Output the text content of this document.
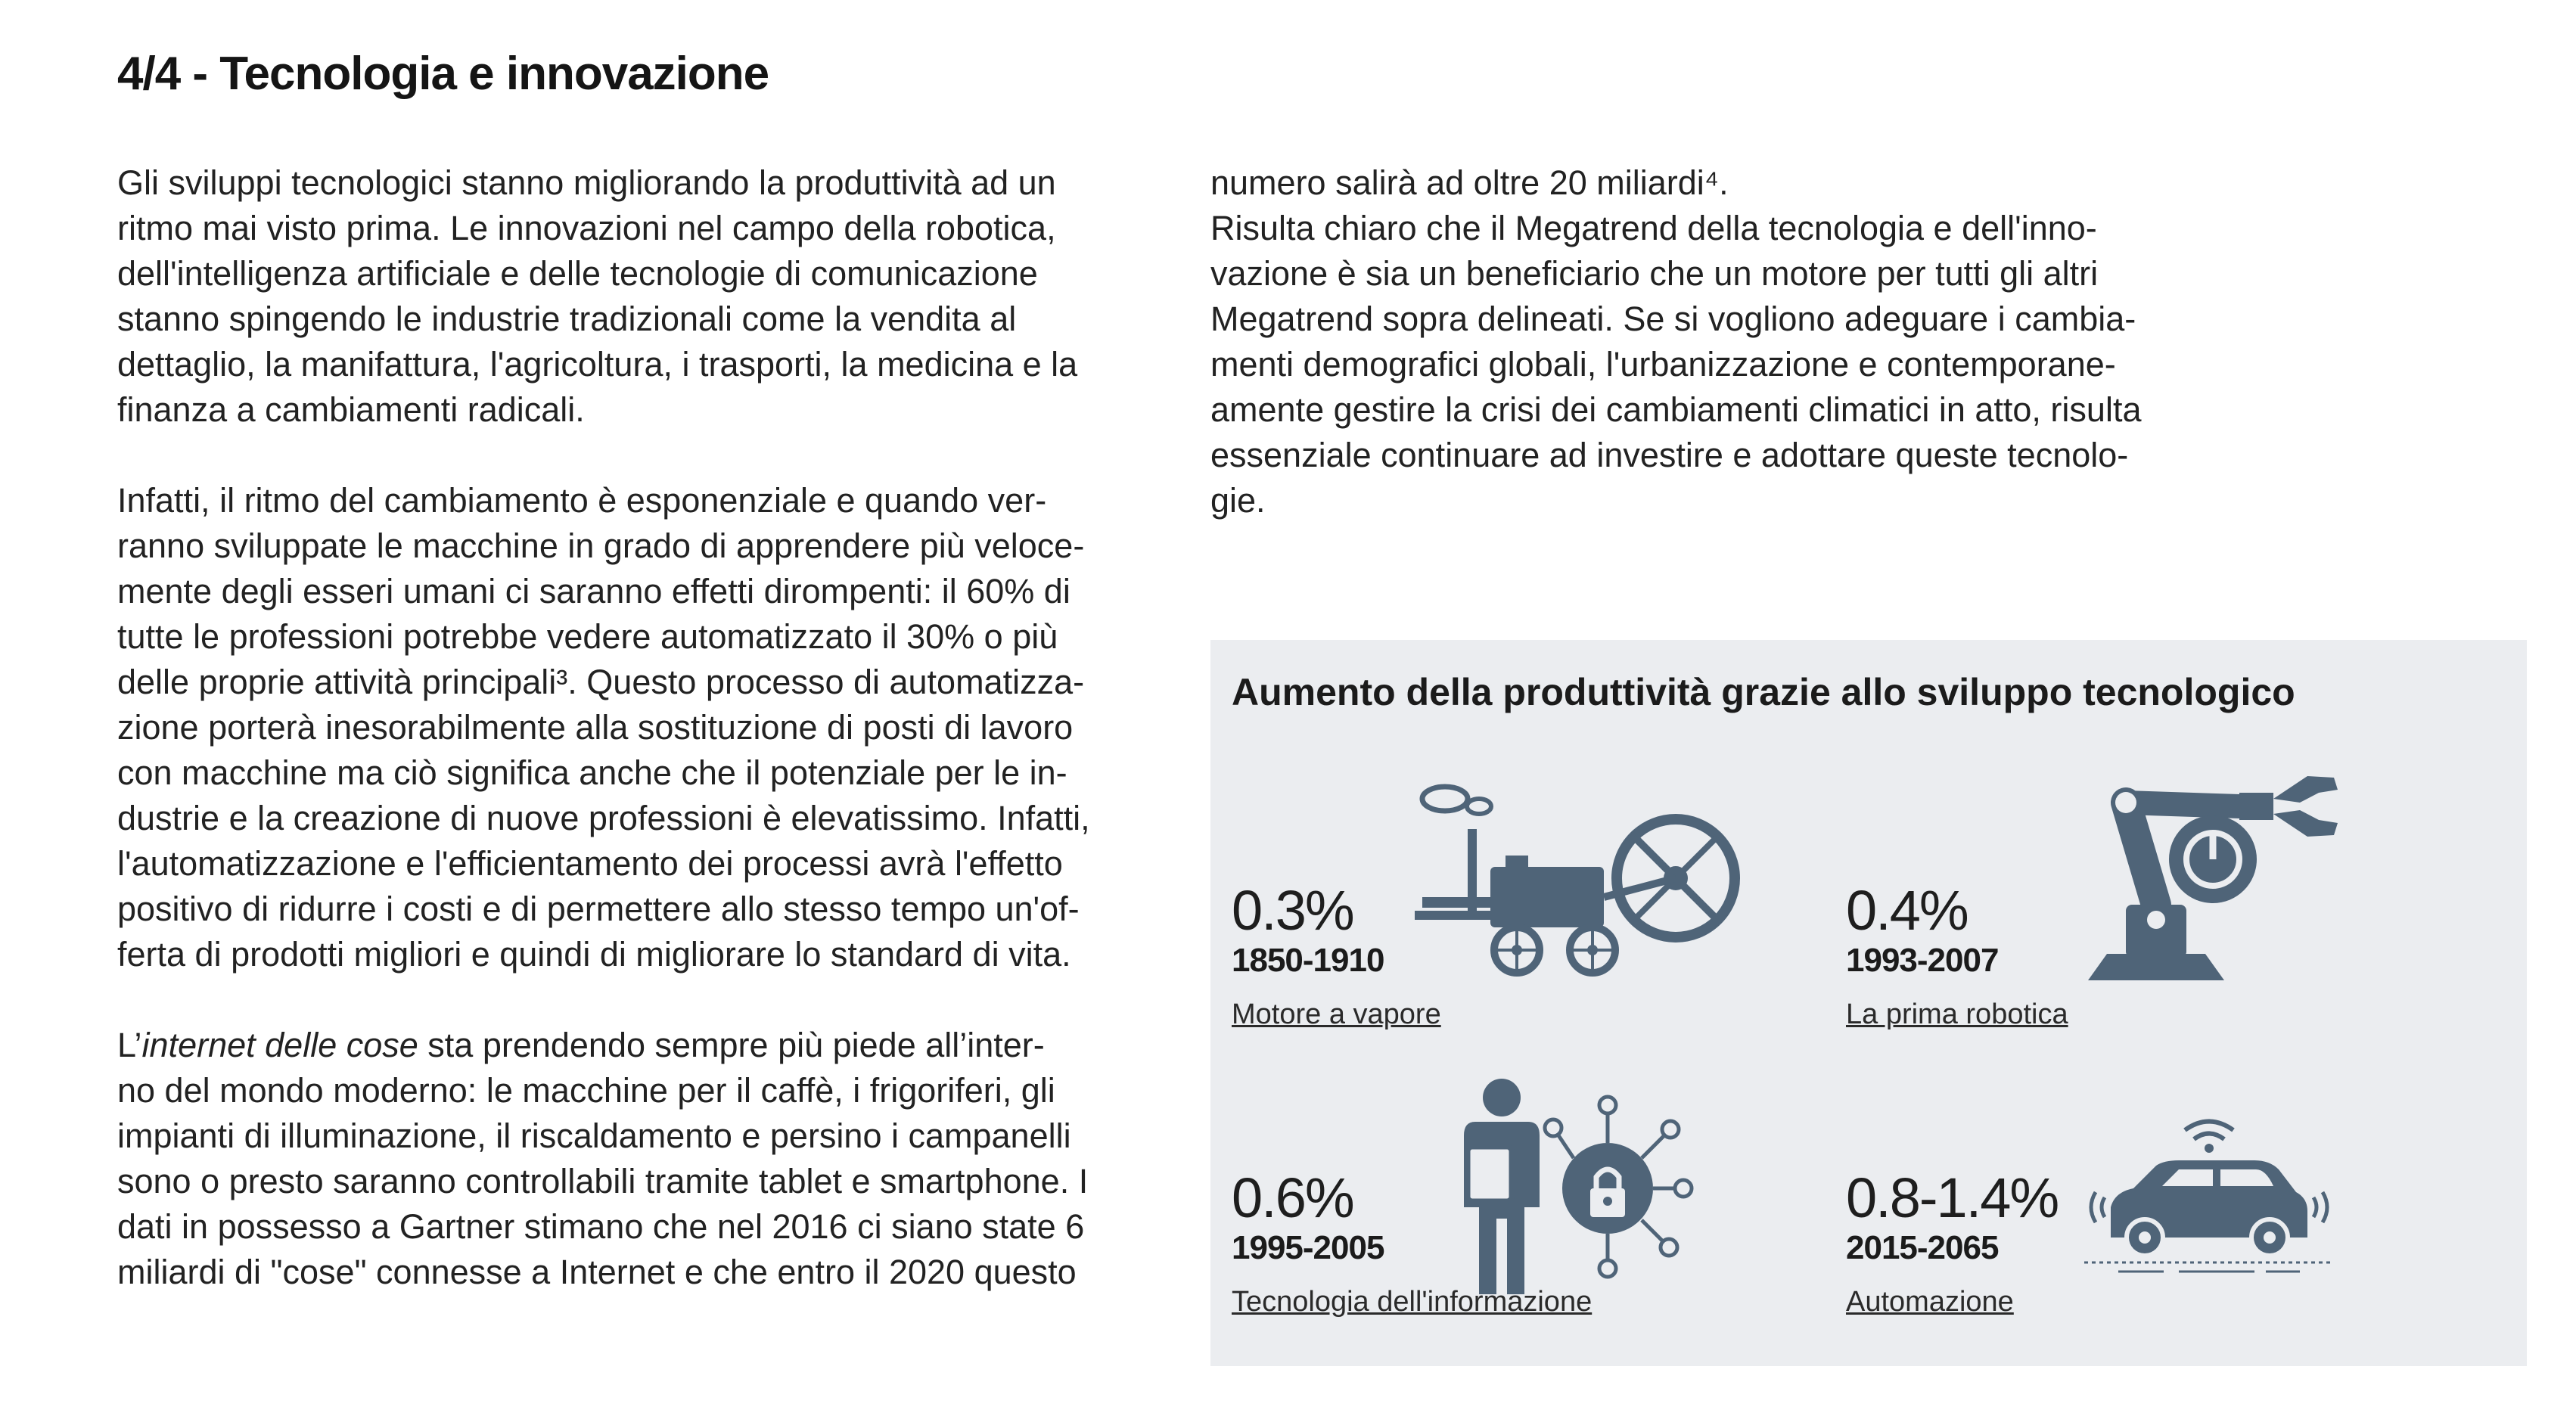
4/4 - Tecnologia e innovazione

Gli sviluppi tecnologici stanno migliorando la produttività ad un
ritmo mai visto prima. Le innovazioni nel campo della robotica,
dell'intelligenza artificiale e delle tecnologie di comunicazione
stanno spingendo le industrie tradizionali come la vendita al
dettaglio, la manifattura, l'agricoltura, i trasporti, la medicina e la
finanza a cambiamenti radicali.

Infatti, il ritmo del cambiamento è esponenziale e quando ver-
ranno sviluppate le macchine in grado di apprendere più veloce-
mente degli esseri umani ci saranno effetti dirompenti: il 60% di
tutte le professioni potrebbe vedere automatizzato il 30% o più
delle proprie attività principali³. Questo processo di automatizza-
zione porterà inesorabilmente alla sostituzione di posti di lavoro
con macchine ma ciò significa anche che il potenziale per le in-
dustrie e la creazione di nuove professioni è elevatissimo. Infatti,
l'automatizzazione e l'efficientamento dei processi avrà l'effetto
positivo di ridurre i costi e di permettere allo stesso tempo un'of-
ferta di prodotti migliori e quindi di migliorare lo standard di vita.

L’internet delle cose sta prendendo sempre più piede all’inter-
no del mondo moderno: le macchine per il caffè, i frigoriferi, gli
impianti di illuminazione, il riscaldamento e persino i campanelli
sono o presto saranno controllabili tramite tablet e smartphone. I
dati in possesso a Gartner stimano che nel 2016 ci siano state 6
miliardi di "cose" connesse a Internet e che entro il 2020 questo

numero salirà ad oltre 20 miliardi⁴.
Risulta chiaro che il Megatrend della tecnologia e dell'inno-
vazione è sia un beneficiario che un motore per tutti gli altri
Megatrend sopra delineati. Se si vogliono adeguare i cambia-
menti demografici globali, l'urbanizzazione e contemporane-
amente gestire la crisi dei cambiamenti climatici in atto, risulta
essenziale continuare ad investire e adottare queste tecnolo-
gie.

Aumento della produttività grazie allo sviluppo tecnologico
0.3%
1850-1910
Motore a vapore
0.4%
1993-2007
La prima robotica
0.6%
1995-2005
Tecnologia dell'informazione
0.8-1.4%
2015-2065
Automazione
